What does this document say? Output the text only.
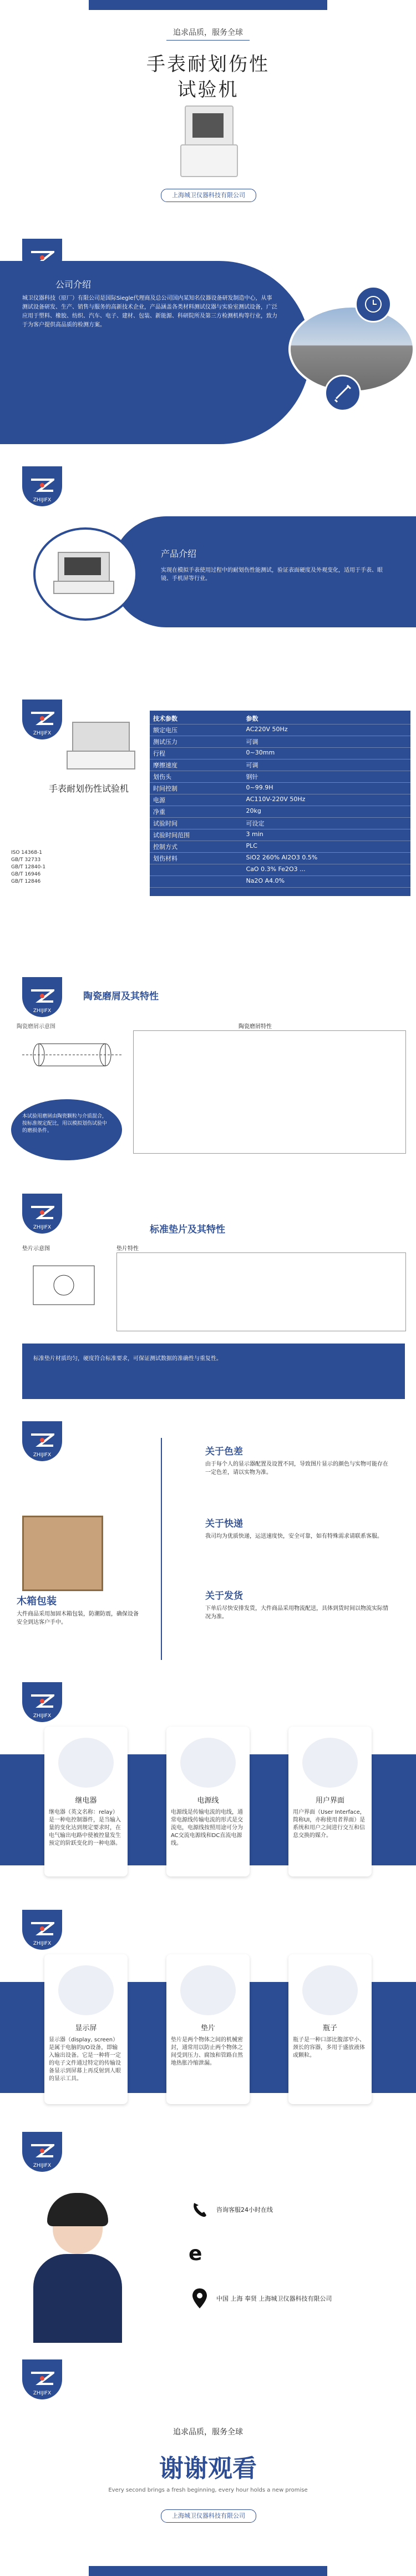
追求品质，服务全球
手表耐划伤性
试验机
上海城卫仪器科技有限公司
公司介绍
城卫仪器科技（原厂）有限公司是国际Siegle代理商及总公司国内某知名仪器设备研发制造中心，从事测试设备研发、生产、销售与服务的高新技术企业，产品涵盖各类材料测试仪器与实验室测试设备，广泛应用于塑料、橡胶、纺织、汽车、电子、建材、包装、新能源、科研院所及第三方检测机构等行业，致力于为客户提供高品质的检测方案。
ZHIJIFX
产品介绍
实现在模拟手表使用过程中的耐划伤性能测试，验证表面硬度及外观变化，适用于手表、眼镜、手机屏等行业。
ZHIJIFX
手表耐划伤性试验机
技术参数	参数
额定电压	AC220V 50Hz
测试压力	可调
行程	0~30mm
摩擦速度	可调
划伤头	钢针
时间控制	0~99.9H
电源	AC110V-220V 50Hz
净重	20kg
试验时间	可设定
试验时间范围	3 min
控制方式	PLC
划伤材料	SiO2 260% Al2O3 0.5%
	CaO 0.3% Fe2O3 ...
	Na2O A4.0%
ISO 14368-1
GB/T 32733
GB/T 12840-1
GB/T 16946
GB/T 12846
ZHIJIFX
陶瓷磨屑及其特性
陶瓷磨屑示意图	陶瓷磨屑特性
本试验用磨屑由陶瓷颗粒与介质混合，按标准规定配比，用以模拟划伤试验中的磨损条件。
ZHIJIFX	标准垫片及其特性
垫片示意图	垫片特性
标准垫片材质均匀，硬度符合标准要求，可保证测试数据的准确性与重复性。
ZHIJIFX
木箱包装
大件商品采用加固木箱包装，防潮防震，确保设备安全到达客户手中。
关于色差
由于每个人的显示器配置及设置不同，导致图片显示的颜色与实物可能存在一定色差，请以实物为准。
关于快递
我司均为优质快递，运送速度快，安全可靠，如有特殊需求请联系客服。
关于发货
下单后尽快安排发货，大件商品采用物流配送，具体到货时间以物流实际情况为准。
ZHIJIFX
继电器
继电器（英文名称：relay）是一种电控制器件，是当输入量的变化达到规定要求时，在电气输出电路中使被控量发生预定的阶跃变化的一种电器。
电源线
电源线是传输电流的电线，通常电源线传输电流的形式是交流电，电源线按照用途可分为AC交流电源线和DC直流电源线。
用户界面
用户界面（User Interface，简称UI，亦称使用者界面）是系统和用户之间进行交互和信息交换的媒介。
ZHIJIFX
显示屏
显示器（display, screen）是属于电脑的I/O设备，即输入输出设备。它是一种将一定的电子文件通过特定的传输设备显示到屏幕上再反射到人眼的显示工具。
垫片
垫片是两个物体之间的机械密封，通常用以防止两个物体之间受到压力、腐蚀和管路自然地热胀冷缩泄漏。
瓶子
瓶子是一种口部比腹部窄小、颈长的容器，多用于盛放液体或颗粒。
ZHIJIFX
咨询客服24小时在线
e
中国 上海 奉贤 上海城卫仪器科技有限公司
ZHIJIFX
追求品质，服务全球
谢谢观看
Every second brings a fresh beginning, every hour holds a new promise
上海城卫仪器科技有限公司
